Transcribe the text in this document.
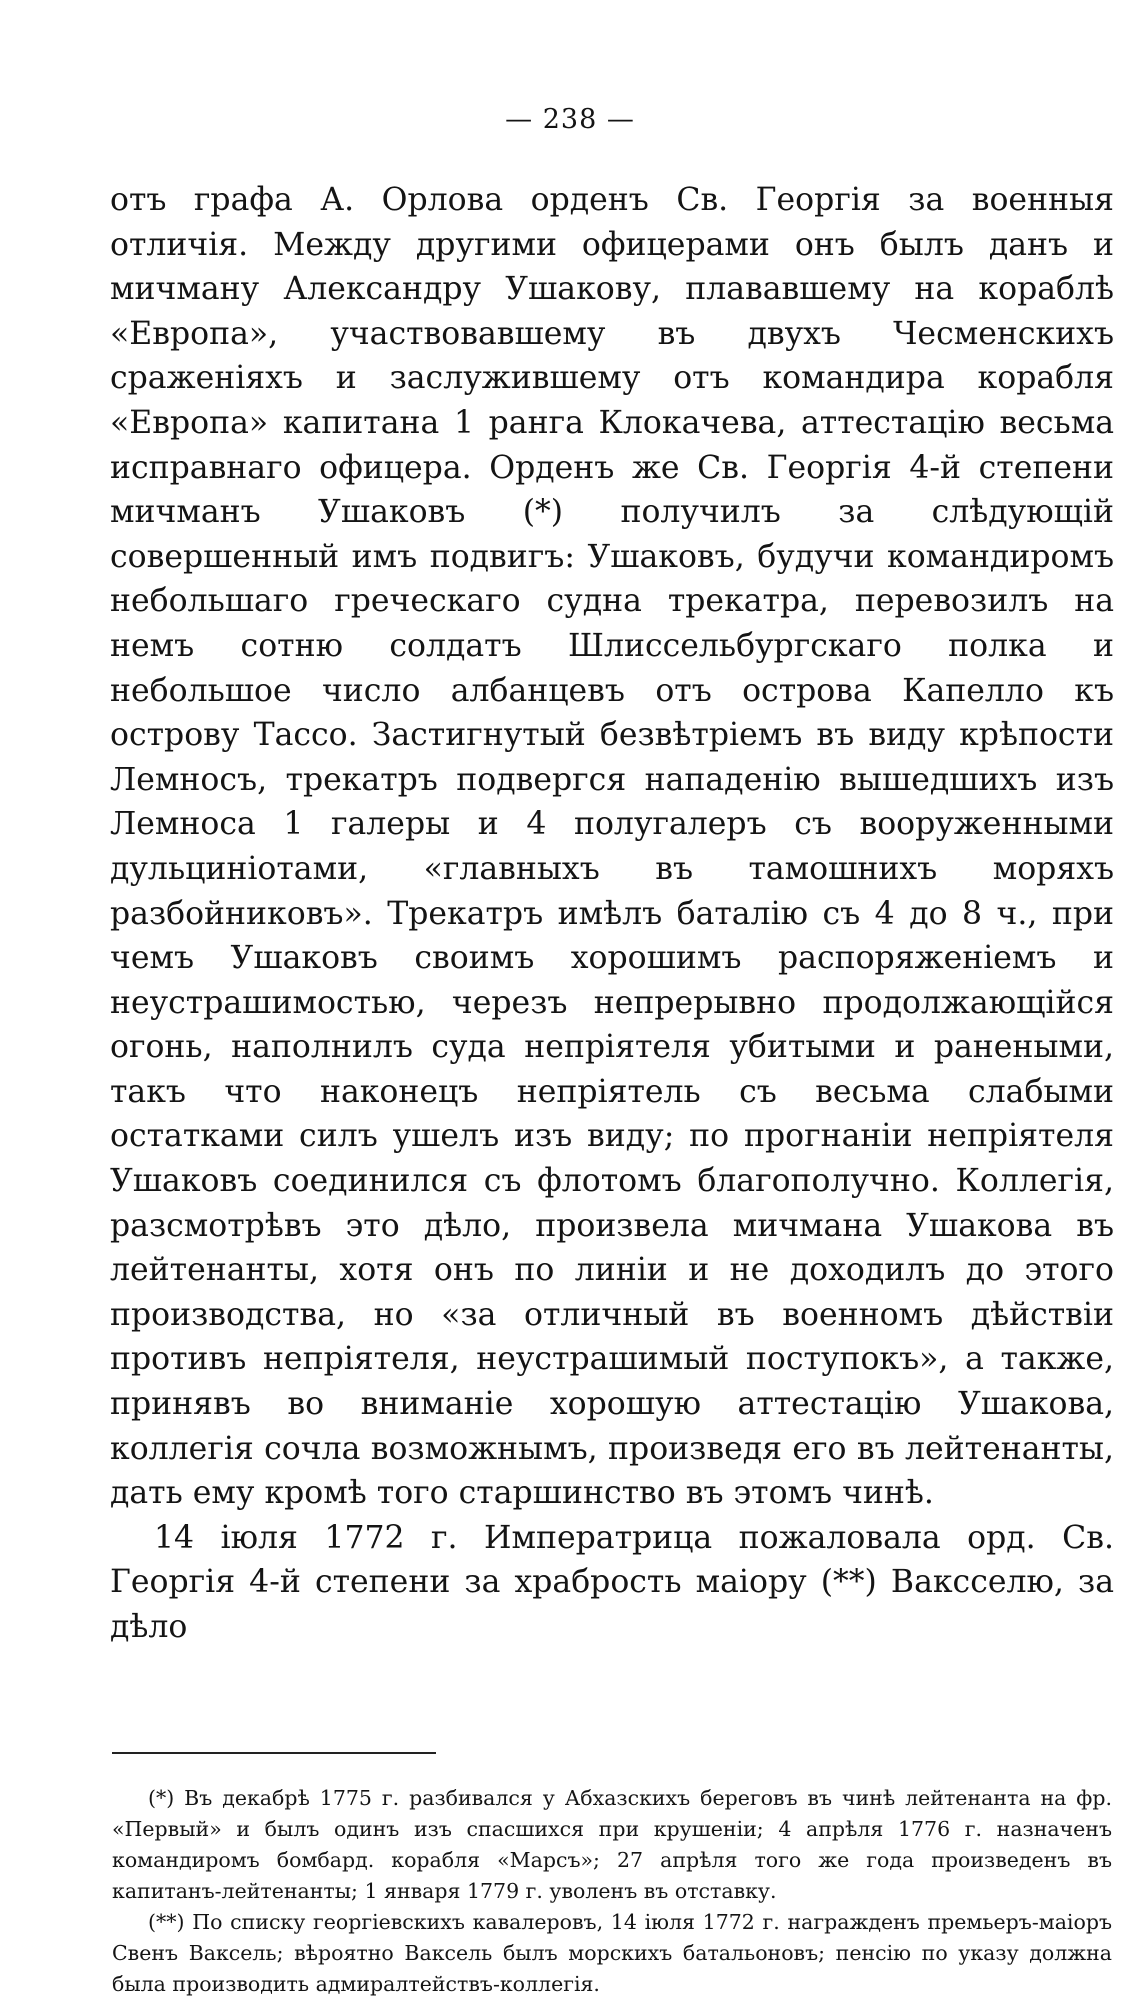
— 238 —

отъ графа А. Орлова орденъ Св. Георгія за военныя отличія. Между другими офицерами онъ былъ данъ и мичману Александру Ушакову, плававшему на кораблѣ «Европа», участвовавшему въ двухъ Чесменскихъ сраженіяхъ и заслужившему отъ командира корабля «Европа» капитана 1 ранга Клокачева, аттестацію весьма исправнаго офицера. Орденъ же Св. Георгія 4-й степени мичманъ Ушаковъ (*) получилъ за слѣдующій совершенный имъ подвигъ: Ушаковъ, будучи командиромъ небольшаго греческаго судна трекатра, перевозилъ на немъ сотню солдатъ Шлиссельбургскаго полка и небольшое число албанцевъ отъ острова Капелло къ острову Тассо. Застигнутый безвѣтріемъ въ виду крѣпости Лемносъ, трекатръ подвергся нападенію вышедшихъ изъ Лемноса 1 галеры и 4 полугалеръ съ вооруженными дульциніотами, «главныхъ въ тамошнихъ моряхъ разбойниковъ». Трекатръ имѣлъ баталію съ 4 до 8 ч., при чемъ Ушаковъ своимъ хорошимъ распоряженіемъ и неустрашимостью, черезъ непрерывно продолжающійся огонь, наполнилъ суда непріятеля убитыми и ранеными, такъ что наконецъ непріятель съ весьма слабыми остатками силъ ушелъ изъ виду; по прогнаніи непріятеля Ушаковъ соединился съ флотомъ благополучно. Коллегія, разсмотрѣвъ это дѣло, произвела мичмана Ушакова въ лейтенанты, хотя онъ по линіи и не доходилъ до этого производства, но «за отличный въ военномъ дѣйствіи противъ непріятеля, неустрашимый поступокъ», а также, принявъ во вниманіе хорошую аттестацію Ушакова, коллегія сочла возможнымъ, произведя его въ лейтенанты, дать ему кромѣ того старшинство въ этомъ чинѣ.

14 іюля 1772 г. Императрица пожаловала орд. Св. Георгія 4-й степени за храбрость маіору (**) Ваксселю, за дѣло

(*) Въ декабрѣ 1775 г. разбивался у Абхазскихъ береговъ въ чинѣ лейтенанта на фр. «Первый» и былъ одинъ изъ спасшихся при крушеніи; 4 апрѣля 1776 г. назначенъ командиромъ бомбард. корабля «Марсъ»; 27 апрѣля того же года произведенъ въ капитанъ-лейтенанты; 1 января 1779 г. уволенъ въ отставку.

(**) По списку георгіевскихъ кавалеровъ, 14 іюля 1772 г. награжденъ премьеръ-маіоръ Свенъ Ваксель; вѣроятно Ваксель былъ морскихъ батальоновъ; пенсію по указу должна была производить адмиралтействъ-коллегія.
